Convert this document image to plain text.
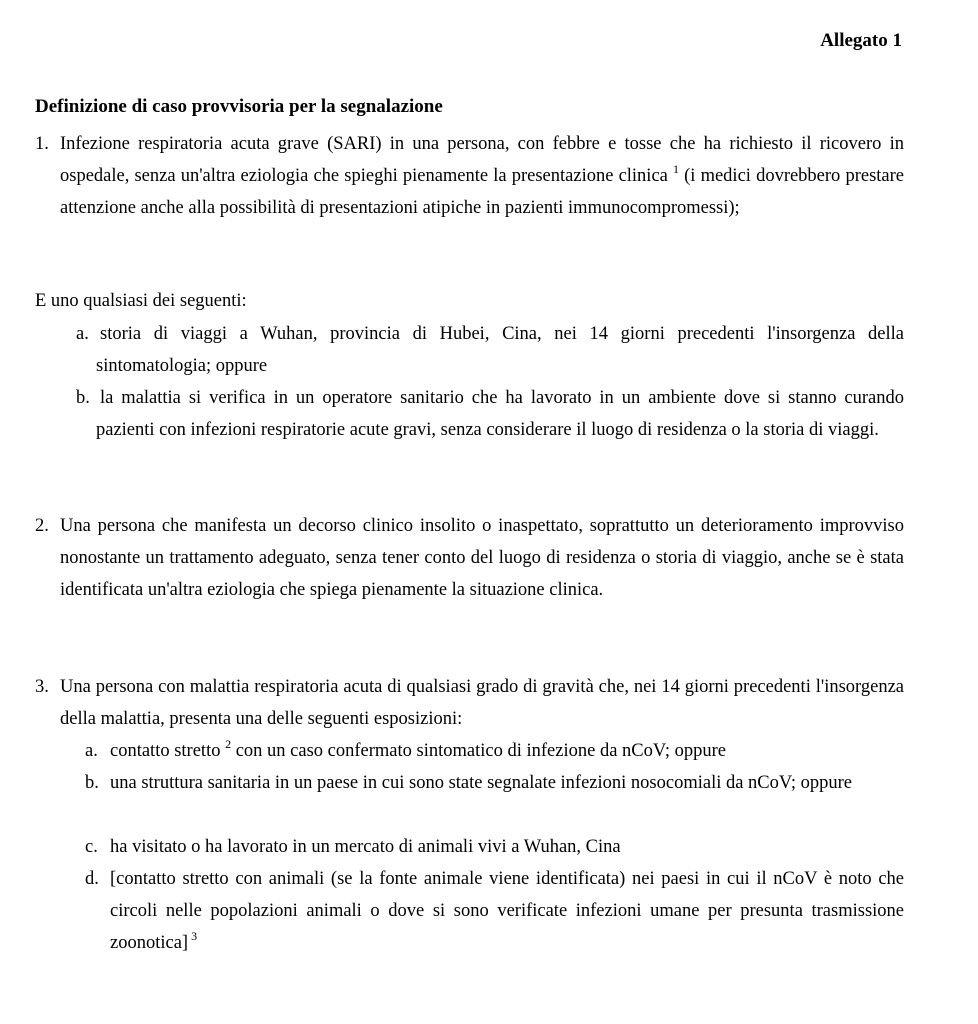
Allegato 1
Definizione di caso provvisoria per la segnalazione
1. Infezione respiratoria acuta grave (SARI) in una persona, con febbre e tosse che ha richiesto il ricovero in ospedale, senza un'altra eziologia che spieghi pienamente la presentazione clinica $^1$ (i medici dovrebbero prestare attenzione anche alla possibilità di presentazioni atipiche in pazienti immunocompromessi);
E uno qualsiasi dei seguenti:
a. storia di viaggi a Wuhan, provincia di Hubei, Cina, nei 14 giorni precedenti l'insorgenza della sintomatologia; oppure
b. la malattia si verifica in un operatore sanitario che ha lavorato in un ambiente dove si stanno curando pazienti con infezioni respiratorie acute gravi, senza considerare il luogo di residenza o la storia di viaggi.
2. Una persona che manifesta un decorso clinico insolito o inaspettato, soprattutto un deterioramento improvviso nonostante un trattamento adeguato, senza tener conto del luogo di residenza o storia di viaggio, anche se è stata identificata un'altra eziologia che spiega pienamente la situazione clinica.
3. Una persona con malattia respiratoria acuta di qualsiasi grado di gravità che, nei 14 giorni precedenti l'insorgenza della malattia, presenta una delle seguenti esposizioni:
a. contatto stretto $^2$ con un caso confermato sintomatico di infezione da nCoV; oppure
b. una struttura sanitaria in un paese in cui sono state segnalate infezioni nosocomiali da nCoV; oppure
c. ha visitato o ha lavorato in un mercato di animali vivi a Wuhan, Cina
d. [contatto stretto con animali (se la fonte animale viene identificata) nei paesi in cui il nCoV è noto che circoli nelle popolazioni animali o dove si sono verificate infezioni umane per presunta trasmissione zoonotica] $^3$
